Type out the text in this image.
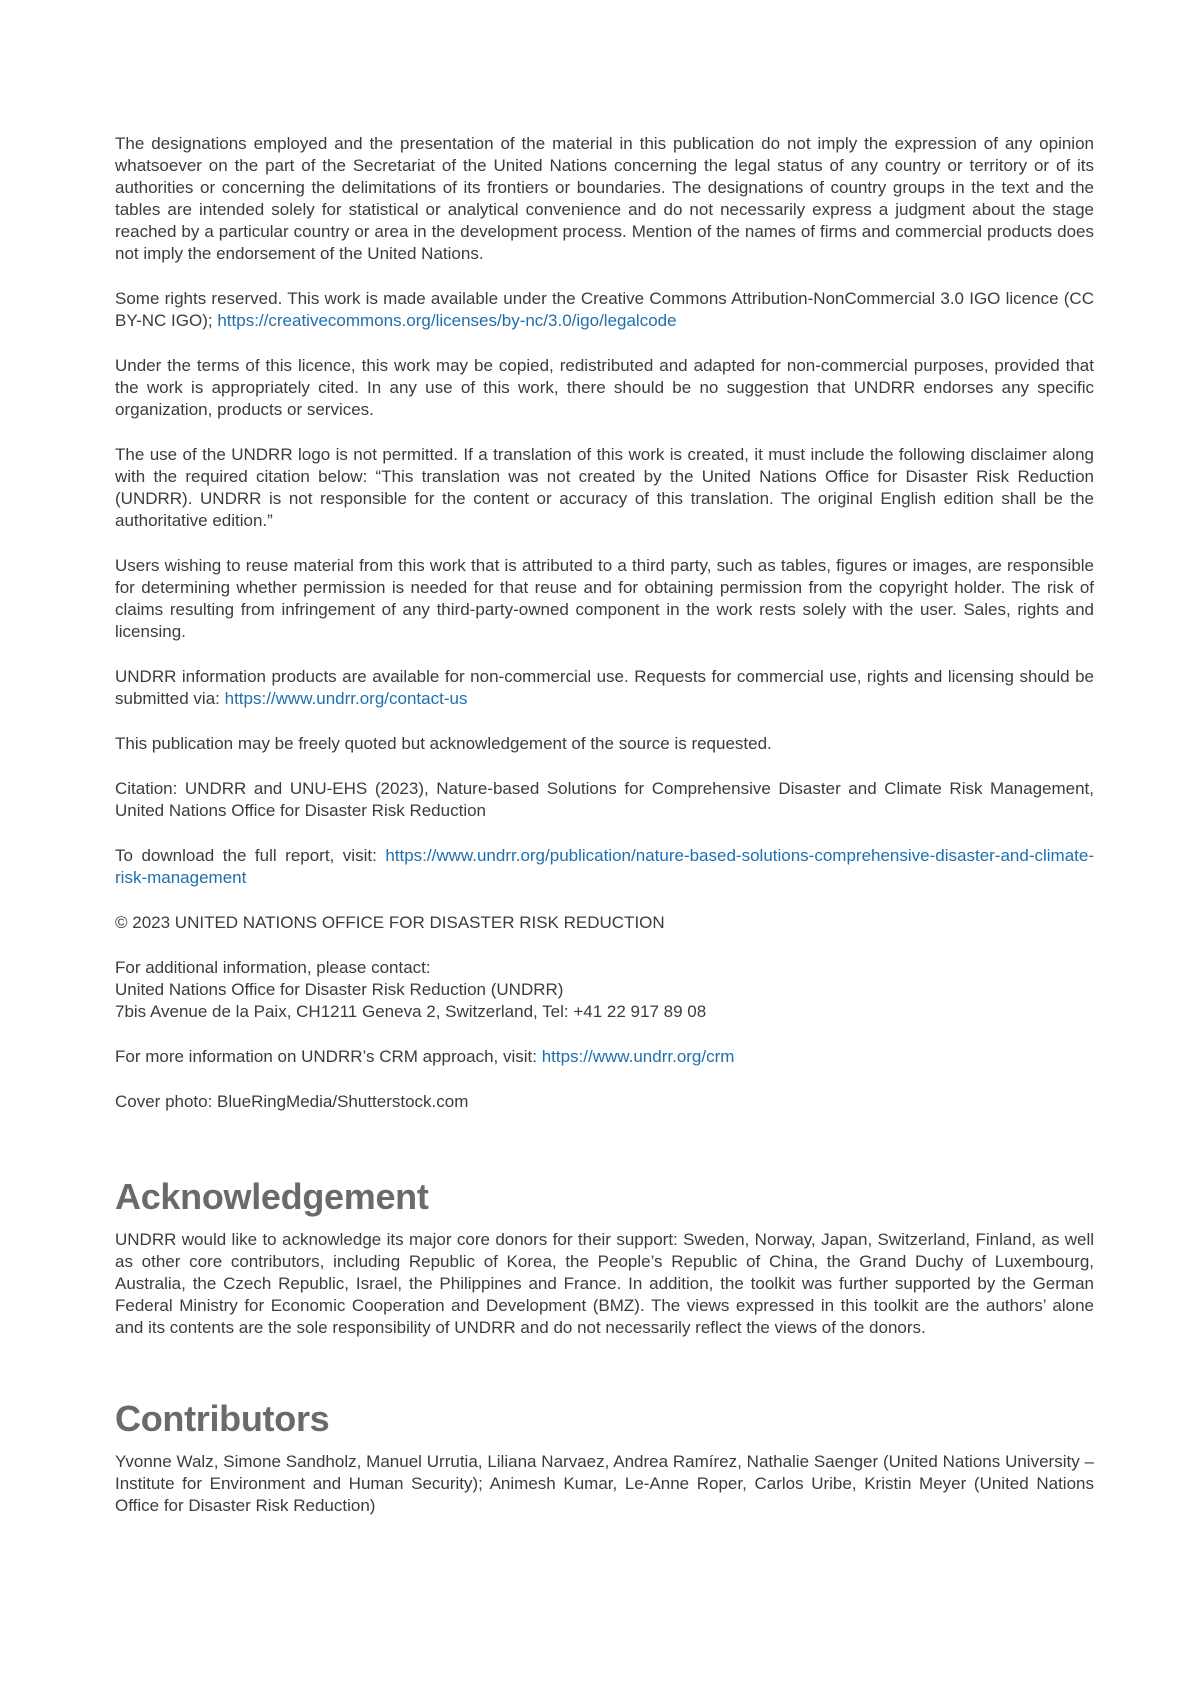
The designations employed and the presentation of the material in this publication do not imply the expression of any opinion whatsoever on the part of the Secretariat of the United Nations concerning the legal status of any country or territory or of its authorities or concerning the delimitations of its frontiers or boundaries. The designations of country groups in the text and the tables are intended solely for statistical or analytical convenience and do not necessarily express a judgment about the stage reached by a particular country or area in the development process. Mention of the names of firms and commercial products does not imply the endorsement of the United Nations.

Some rights reserved. This work is made available under the Creative Commons Attribution-NonCommercial 3.0 IGO licence (CC BY-NC IGO); https://creativecommons.org/licenses/by-nc/3.0/igo/legalcode

Under the terms of this licence, this work may be copied, redistributed and adapted for non-commercial purposes, provided that the work is appropriately cited. In any use of this work, there should be no suggestion that UNDRR endorses any specific organization, products or services.

The use of the UNDRR logo is not permitted. If a translation of this work is created, it must include the following disclaimer along with the required citation below: “This translation was not created by the United Nations Office for Disaster Risk Reduction (UNDRR). UNDRR is not responsible for the content or accuracy of this translation. The original English edition shall be the authoritative edition.”

Users wishing to reuse material from this work that is attributed to a third party, such as tables, figures or images, are responsible for determining whether permission is needed for that reuse and for obtaining permission from the copyright holder. The risk of claims resulting from infringement of any third-party-owned component in the work rests solely with the user. Sales, rights and licensing.

UNDRR information products are available for non-commercial use. Requests for commercial use, rights and licensing should be submitted via: https://www.undrr.org/contact-us

This publication may be freely quoted but acknowledgement of the source is requested.

Citation: UNDRR and UNU-EHS (2023), Nature-based Solutions for Comprehensive Disaster and Climate Risk Management, United Nations Office for Disaster Risk Reduction

To download the full report, visit: https://www.undrr.org/publication/nature-based-solutions-comprehensive-disaster-and-climate-risk-management

© 2023 UNITED NATIONS OFFICE FOR DISASTER RISK REDUCTION

For additional information, please contact:
United Nations Office for Disaster Risk Reduction (UNDRR)
7bis Avenue de la Paix, CH1211 Geneva 2, Switzerland, Tel: +41 22 917 89 08

For more information on UNDRR’s CRM approach, visit: https://www.undrr.org/crm

Cover photo: BlueRingMedia/Shutterstock.com

Acknowledgement

UNDRR would like to acknowledge its major core donors for their support: Sweden, Norway, Japan, Switzerland, Finland, as well as other core contributors, including Republic of Korea, the People’s Republic of China, the Grand Duchy of Luxembourg, Australia, the Czech Republic, Israel, the Philippines and France. In addition, the toolkit was further supported by the German Federal Ministry for Economic Cooperation and Development (BMZ). The views expressed in this toolkit are the authors’ alone and its contents are the sole responsibility of UNDRR and do not necessarily reflect the views of the donors.

Contributors

Yvonne Walz, Simone Sandholz, Manuel Urrutia, Liliana Narvaez, Andrea Ramírez, Nathalie Saenger (United Nations University – Institute for Environment and Human Security); Animesh Kumar, Le-Anne Roper, Carlos Uribe, Kristin Meyer (United Nations Office for Disaster Risk Reduction)
